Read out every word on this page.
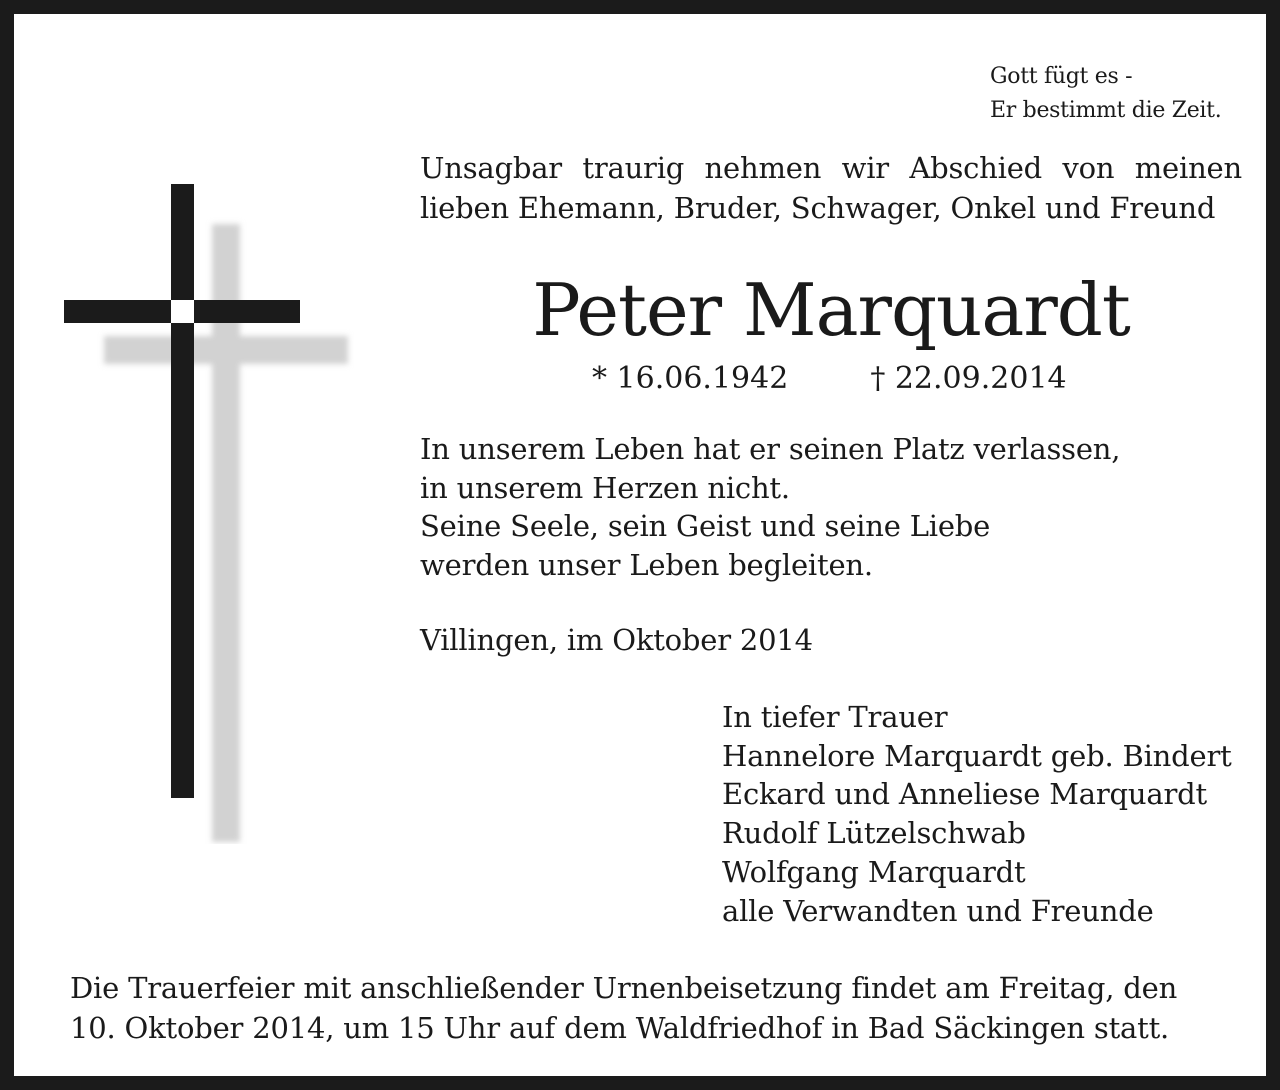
Gott fügt es -
Er bestimmt die Zeit.
Unsagbar traurig nehmen wir Abschied von meinen
lieben Ehemann, Bruder, Schwager, Onkel und Freund
Peter Marquardt
* 16.06.1942	† 22.09.2014
In unserem Leben hat er seinen Platz verlassen,
in unserem Herzen nicht.
Seine Seele, sein Geist und seine Liebe
werden unser Leben begleiten.
Villingen, im Oktober 2014
In tiefer Trauer
Hannelore Marquardt geb. Bindert
Eckard und Anneliese Marquardt
Rudolf Lützelschwab
Wolfgang Marquardt
alle Verwandten und Freunde
Die Trauerfeier mit anschließender Urnenbeisetzung findet am Freitag, den
10. Oktober 2014, um 15 Uhr auf dem Waldfriedhof in Bad Säckingen statt.
